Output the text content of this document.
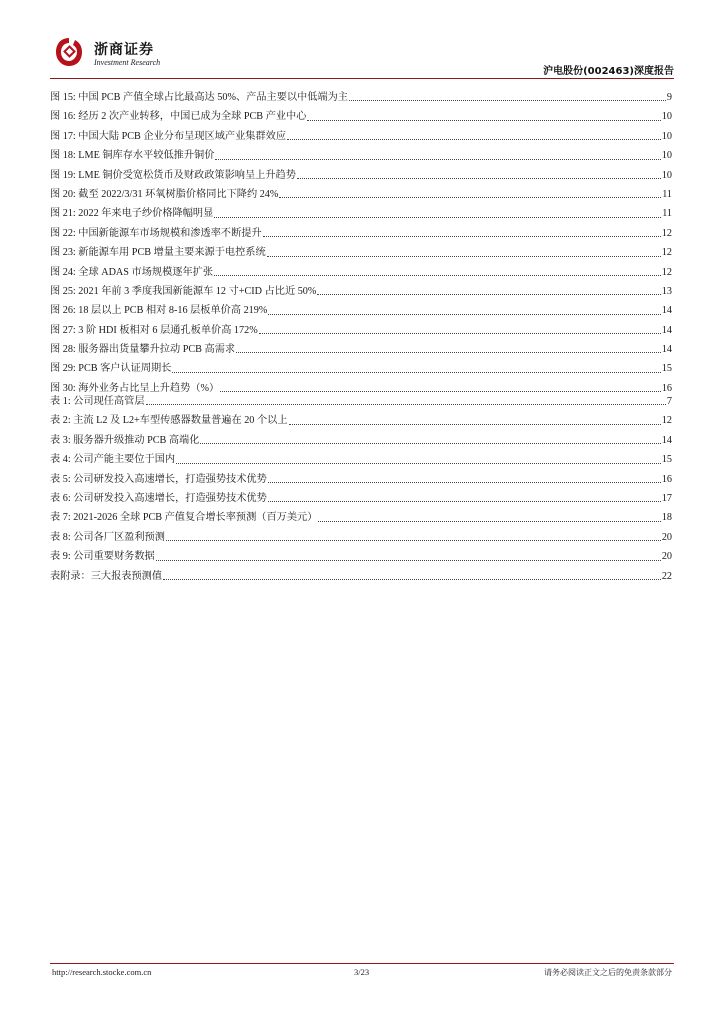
浙商证券
Investment Research
沪电股份(002463)深度报告
图 15: 中国 PCB 产值全球占比最高达 50%、产品主要以中低端为主	9
图 16: 经历 2 次产业转移，中国已成为全球 PCB 产业中心	10
图 17: 中国大陆 PCB 企业分布呈现区域产业集群效应	10
图 18: LME 铜库存水平较低推升铜价	10
图 19: LME 铜价受宽松货币及财政政策影响呈上升趋势	10
图 20: 截至 2022/3/31 环氧树脂价格同比下降约 24%	11
图 21: 2022 年来电子纱价格降幅明显	11
图 22: 中国新能源车市场规模和渗透率不断提升	12
图 23: 新能源车用 PCB 增量主要来源于电控系统	12
图 24: 全球 ADAS 市场规模逐年扩张	12
图 25: 2021 年前 3 季度我国新能源车 12 寸+CID 占比近 50%	13
图 26: 18 层以上 PCB 相对 8-16 层板单价高 219%	14
图 27: 3 阶 HDI 板相对 6 层通孔板单价高 172%	14
图 28: 服务器出货量攀升拉动 PCB 高需求	14
图 29: PCB 客户认证周期长	15
图 30: 海外业务占比呈上升趋势（%）	16
表 1: 公司现任高管层	7
表 2: 主流 L2 及 L2+车型传感器数量普遍在 20 个以上	12
表 3: 服务器升级推动 PCB 高端化	14
表 4: 公司产能主要位于国内	15
表 5: 公司研发投入高速增长，打造强势技术优势	16
表 6: 公司研发投入高速增长，打造强势技术优势	17
表 7: 2021-2026 全球 PCB 产值复合增长率预测（百万美元）	18
表 8: 公司各厂区盈利预测	20
表 9: 公司重要财务数据	20
表附录：三大报表预测值	22
http://research.stocke.com.cn	3/23	请务必阅读正文之后的免责条款部分
